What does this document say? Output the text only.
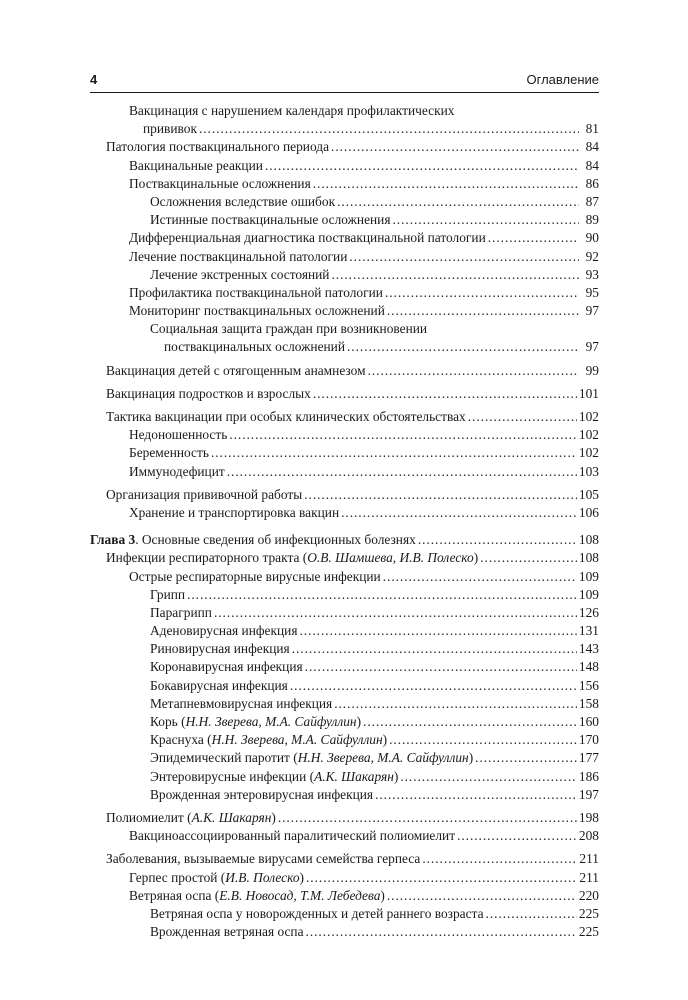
4	Оглавление
Вакцинация с нарушением календаря профилактических
прививок . . .	81
Патология поствакцинального периода . . .	84
Вакцинальные реакции . . .	84
Поствакцинальные осложнения . . .	86
Осложнения вследствие ошибок . . .	87
Истинные поствакцинальные осложнения . . .	89
Дифференциальная диагностика поствакцинальной патологии . . .	90
Лечение поствакцинальной патологии . . .	92
Лечение экстренных состояний . . .	93
Профилактика поствакцинальной патологии . . .	95
Мониторинг поствакцинальных осложнений . . .	97
Социальная защита граждан при возникновении
поствакцинальных осложнений . . .	97
Вакцинация детей с отягощенным анамнезом . . .	99
Вакцинация подростков и взрослых . . .	101
Тактика вакцинации при особых клинических обстоятельствах . . .	102
Недоношенность . . .	102
Беременность . . .	102
Иммунодефицит . . .	103
Организация прививочной работы . . .	105
Хранение и транспортировка вакцин . . .	106
Глава 3. Основные сведения об инфекционных болезнях . . .	108
Инфекции респираторного тракта (О.В. Шамшева, И.В. Полеско) . . .	108
Острые респираторные вирусные инфекции . . .	109
Грипп . . .	109
Парагрипп . . .	126
Аденовирусная инфекция . . .	131
Риновирусная инфекция . . .	143
Коронавирусная инфекция . . .	148
Бокавирусная инфекция . . .	156
Метапневмовирусная инфекция . . .	158
Корь (Н.Н. Зверева, М.А. Сайфуллин) . . .	160
Краснуха (Н.Н. Зверева, М.А. Сайфуллин) . . .	170
Эпидемический паротит (Н.Н. Зверева, М.А. Сайфуллин) . . .	177
Энтеровирусные инфекции (А.К. Шакарян) . . .	186
Врожденная энтеровирусная инфекция . . .	197
Полиомиелит (А.К. Шакарян) . . .	198
Вакциноассоциированный паралитический полиомиелит . . .	208
Заболевания, вызываемые вирусами семейства герпеса . . .	211
Герпес простой (И.В. Полеско) . . .	211
Ветряная оспа (Е.В. Новосад, Т.М. Лебедева) . . .	220
Ветряная оспа у новорожденных и детей раннего возраста . . .	225
Врожденная ветряная оспа . . .	225
